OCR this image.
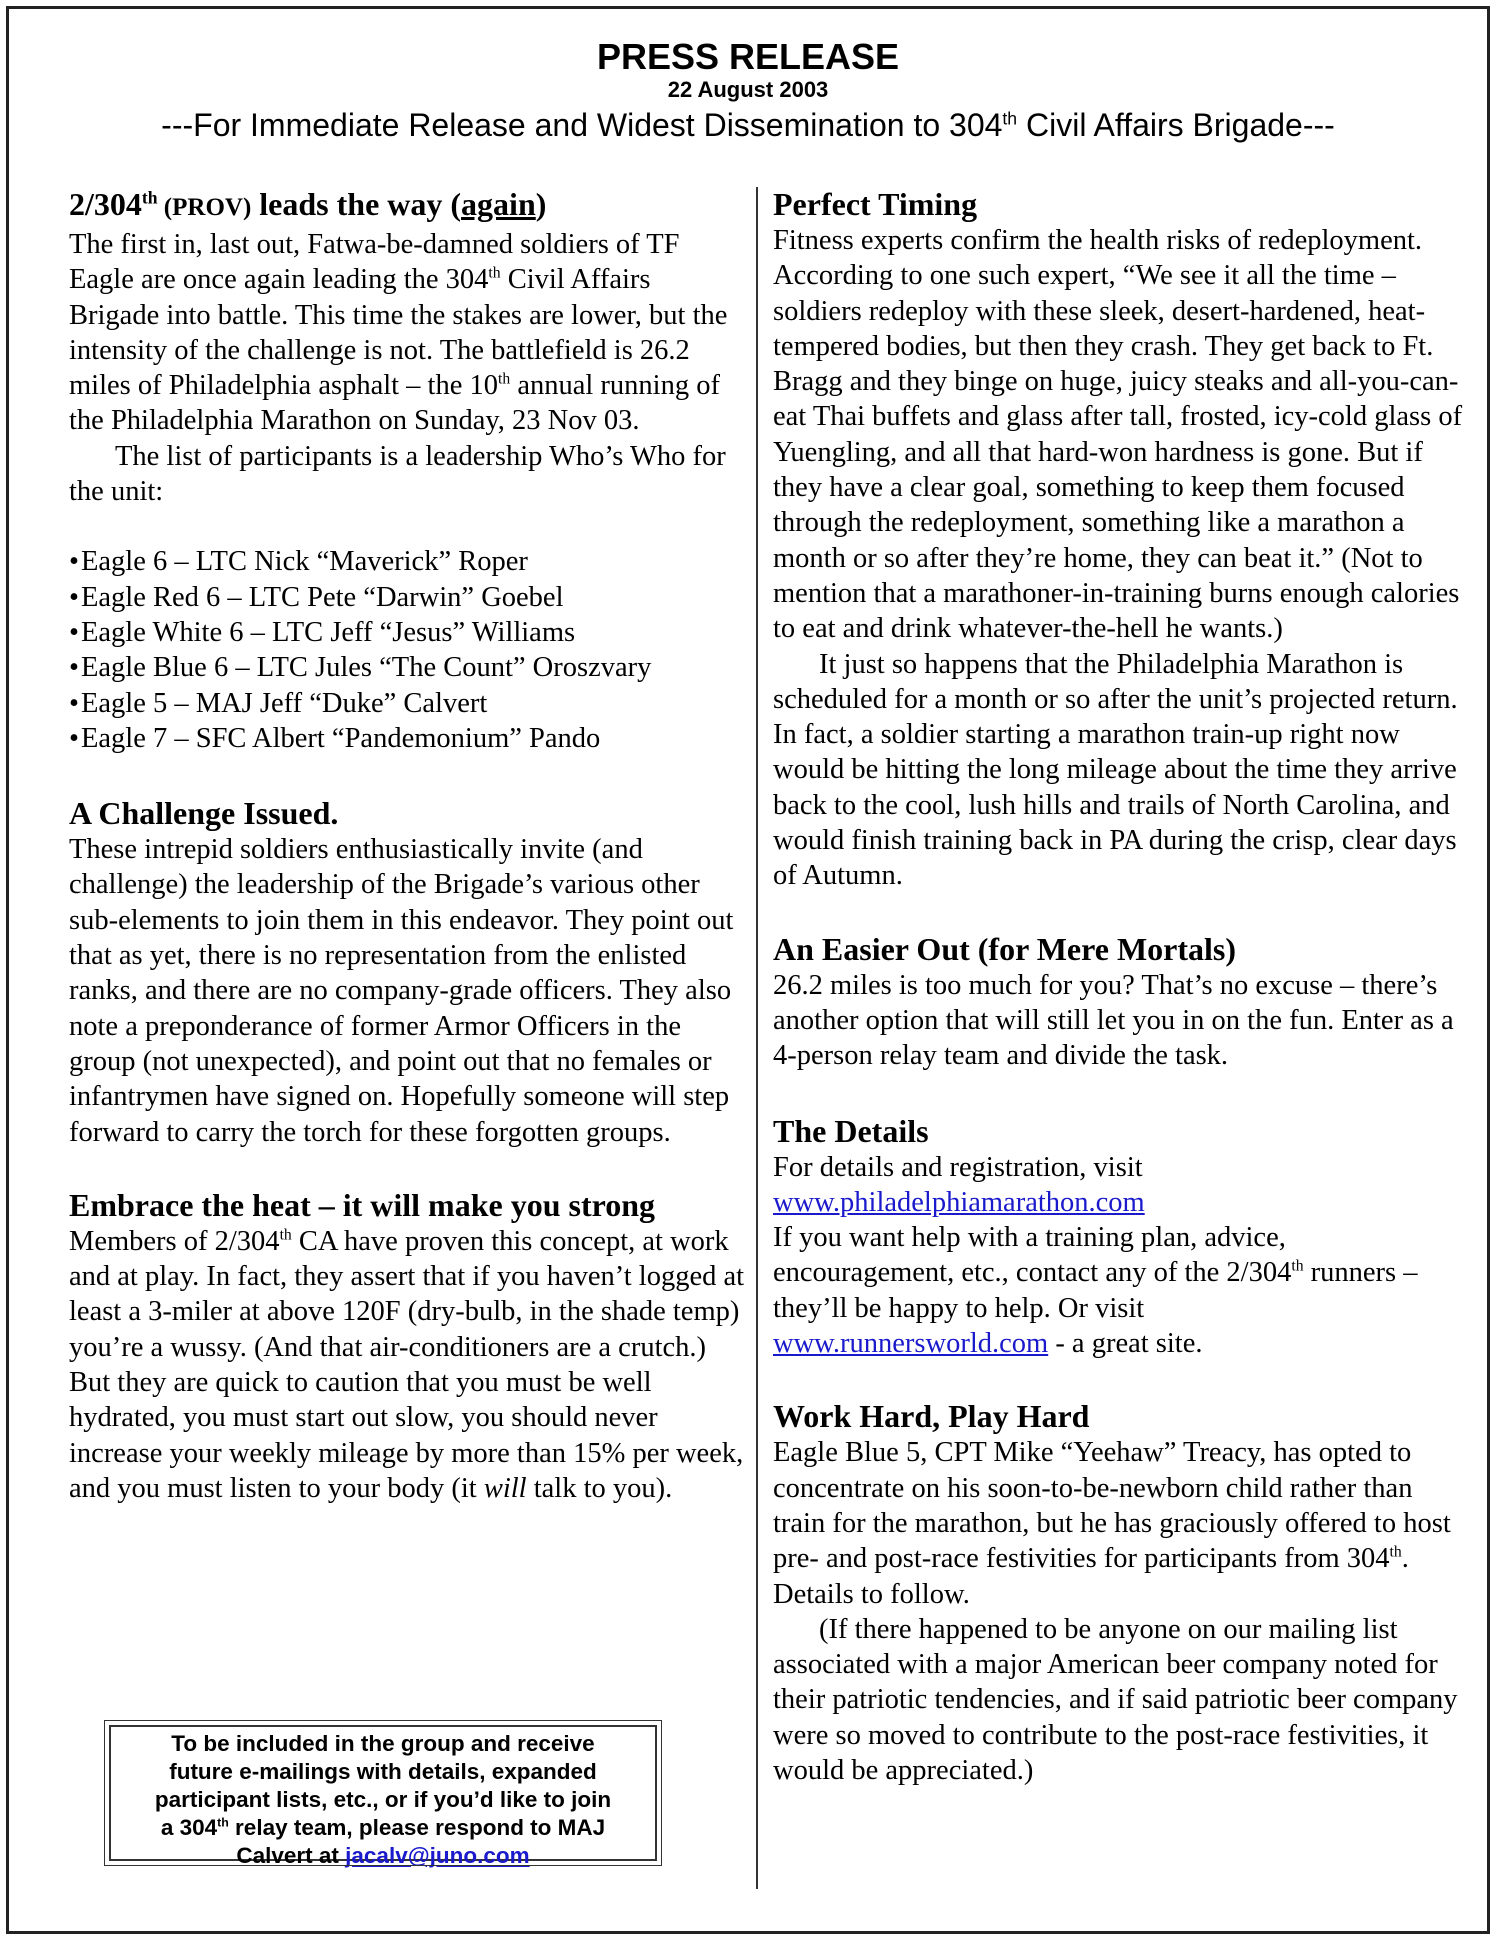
PRESS RELEASE
22 August 2003
---For Immediate Release and Widest Dissemination to 304th Civil Affairs Brigade---
2/304th (PROV) leads the way (again)

The first in, last out, Fatwa-be-damned soldiers of TF Eagle are once again leading the 304th Civil Affairs Brigade into battle. This time the stakes are lower, but the intensity of the challenge is not. The battlefield is 26.2 miles of Philadelphia asphalt – the 10th annual running of the Philadelphia Marathon on Sunday, 23 Nov 03.

The list of participants is a leadership Who’s Who for the unit:

• Eagle 6 – LTC Nick “Maverick” Roper
• Eagle Red 6 – LTC Pete “Darwin” Goebel
• Eagle White 6 – LTC Jeff “Jesus” Williams
• Eagle Blue 6 – LTC Jules “The Count” Oroszvary
• Eagle 5 – MAJ Jeff “Duke” Calvert
• Eagle 7 – SFC Albert “Pandemonium” Pando
A Challenge Issued.

These intrepid soldiers enthusiastically invite (and challenge) the leadership of the Brigade’s various other sub-elements to join them in this endeavor. They point out that as yet, there is no representation from the enlisted ranks, and there are no company-grade officers. They also note a preponderance of former Armor Officers in the group (not unexpected), and point out that no females or infantrymen have signed on. Hopefully someone will step forward to carry the torch for these forgotten groups.

Embrace the heat – it will make you strong

Members of 2/304th CA have proven this concept, at work and at play. In fact, they assert that if you haven’t logged at least a 3-miler at above 120F (dry-bulb, in the shade temp) you’re a wussy. (And that air-conditioners are a crutch.) But they are quick to caution that you must be well hydrated, you must start out slow, you should never increase your weekly mileage by more than 15% per week, and you must listen to your body (it will talk to you).

Perfect Timing

Fitness experts confirm the health risks of redeployment. According to one such expert, “We see it all the time – soldiers redeploy with these sleek, desert-hardened, heat-tempered bodies, but then they crash. They get back to Ft. Bragg and they binge on huge, juicy steaks and all-you-can-eat Thai buffets and glass after tall, frosted, icy-cold glass of Yuengling, and all that hard-won hardness is gone. But if they have a clear goal, something to keep them focused through the redeployment, something like a marathon a month or so after they’re home, they can beat it.” (Not to mention that a marathoner-in-training burns enough calories to eat and drink whatever-the-hell he wants.)

It just so happens that the Philadelphia Marathon is scheduled for a month or so after the unit’s projected return. In fact, a soldier starting a marathon train-up right now would be hitting the long mileage about the time they arrive back to the cool, lush hills and trails of North Carolina, and would finish training back in PA during the crisp, clear days of Autumn.

An Easier Out (for Mere Mortals)

26.2 miles is too much for you? That’s no excuse – there’s another option that will still let you in on the fun. Enter as a 4-person relay team and divide the task.

The Details

For details and registration, visit
www.philadelphiamarathon.com
If you want help with a training plan, advice, encouragement, etc., contact any of the 2/304th runners – they’ll be happy to help. Or visit
www.runnersworld.com - a great site.

Work Hard, Play Hard

Eagle Blue 5, CPT Mike “Yeehaw” Treacy, has opted to concentrate on his soon-to-be-newborn child rather than train for the marathon, but he has graciously offered to host pre- and post-race festivities for participants from 304th. Details to follow.

(If there happened to be anyone on our mailing list associated with a major American beer company noted for their patriotic tendencies, and if said patriotic beer company were so moved to contribute to the post-race festivities, it would be appreciated.)

To be included in the group and receive
future e-mailings with details, expanded
participant lists, etc., or if you’d like to join
a 304th relay team, please respond to MAJ
Calvert at jacalv@juno.com
